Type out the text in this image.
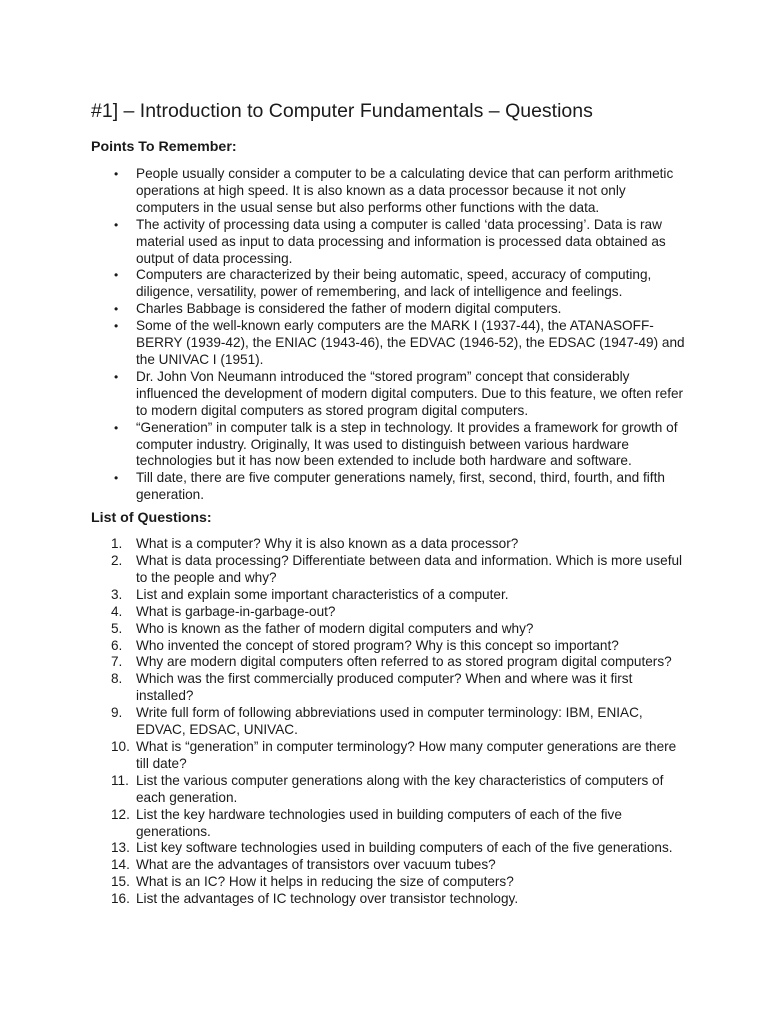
#1] – Introduction to Computer Fundamentals – Questions
Points To Remember:
• People usually consider a computer to be a calculating device that can perform arithmetic operations at high speed. It is also known as a data processor because it not only computers in the usual sense but also performs other functions with the data.
• The activity of processing data using a computer is called ‘data processing’. Data is raw material used as input to data processing and information is processed data obtained as output of data processing.
• Computers are characterized by their being automatic, speed, accuracy of computing, diligence, versatility, power of remembering, and lack of intelligence and feelings.
• Charles Babbage is considered the father of modern digital computers.
• Some of the well-known early computers are the MARK I (1937-44), the ATANASOFF-BERRY (1939-42), the ENIAC (1943-46), the EDVAC (1946-52), the EDSAC (1947-49) and the UNIVAC I (1951).
• Dr. John Von Neumann introduced the “stored program” concept that considerably influenced the development of modern digital computers. Due to this feature, we often refer to modern digital computers as stored program digital computers.
• “Generation” in computer talk is a step in technology. It provides a framework for growth of computer industry. Originally, It was used to distinguish between various hardware technologies but it has now been extended to include both hardware and software.
• Till date, there are five computer generations namely, first, second, third, fourth, and fifth generation.
List of Questions:
1.	What is a computer? Why it is also known as a data processor?
2.	What is data processing? Differentiate between data and information. Which is more useful to the people and why?
3.	List and explain some important characteristics of a computer.
4.	What is garbage-in-garbage-out?
5.	Who is known as the father of modern digital computers and why?
6.	Who invented the concept of stored program? Why is this concept so important?
7.	Why are modern digital computers often referred to as stored program digital computers?
8.	Which was the first commercially produced computer? When and where was it first installed?
9.	Write full form of following abbreviations used in computer terminology: IBM, ENIAC, EDVAC, EDSAC, UNIVAC.
10. What is “generation” in computer terminology? How many computer generations are there till date?
11. List the various computer generations along with the key characteristics of computers of each generation.
12. List the key hardware technologies used in building computers of each of the five generations.
13. List key software technologies used in building computers of each of the five generations.
14. What are the advantages of transistors over vacuum tubes?
15. What is an IC? How it helps in reducing the size of computers?
16. List the advantages of IC technology over transistor technology.
